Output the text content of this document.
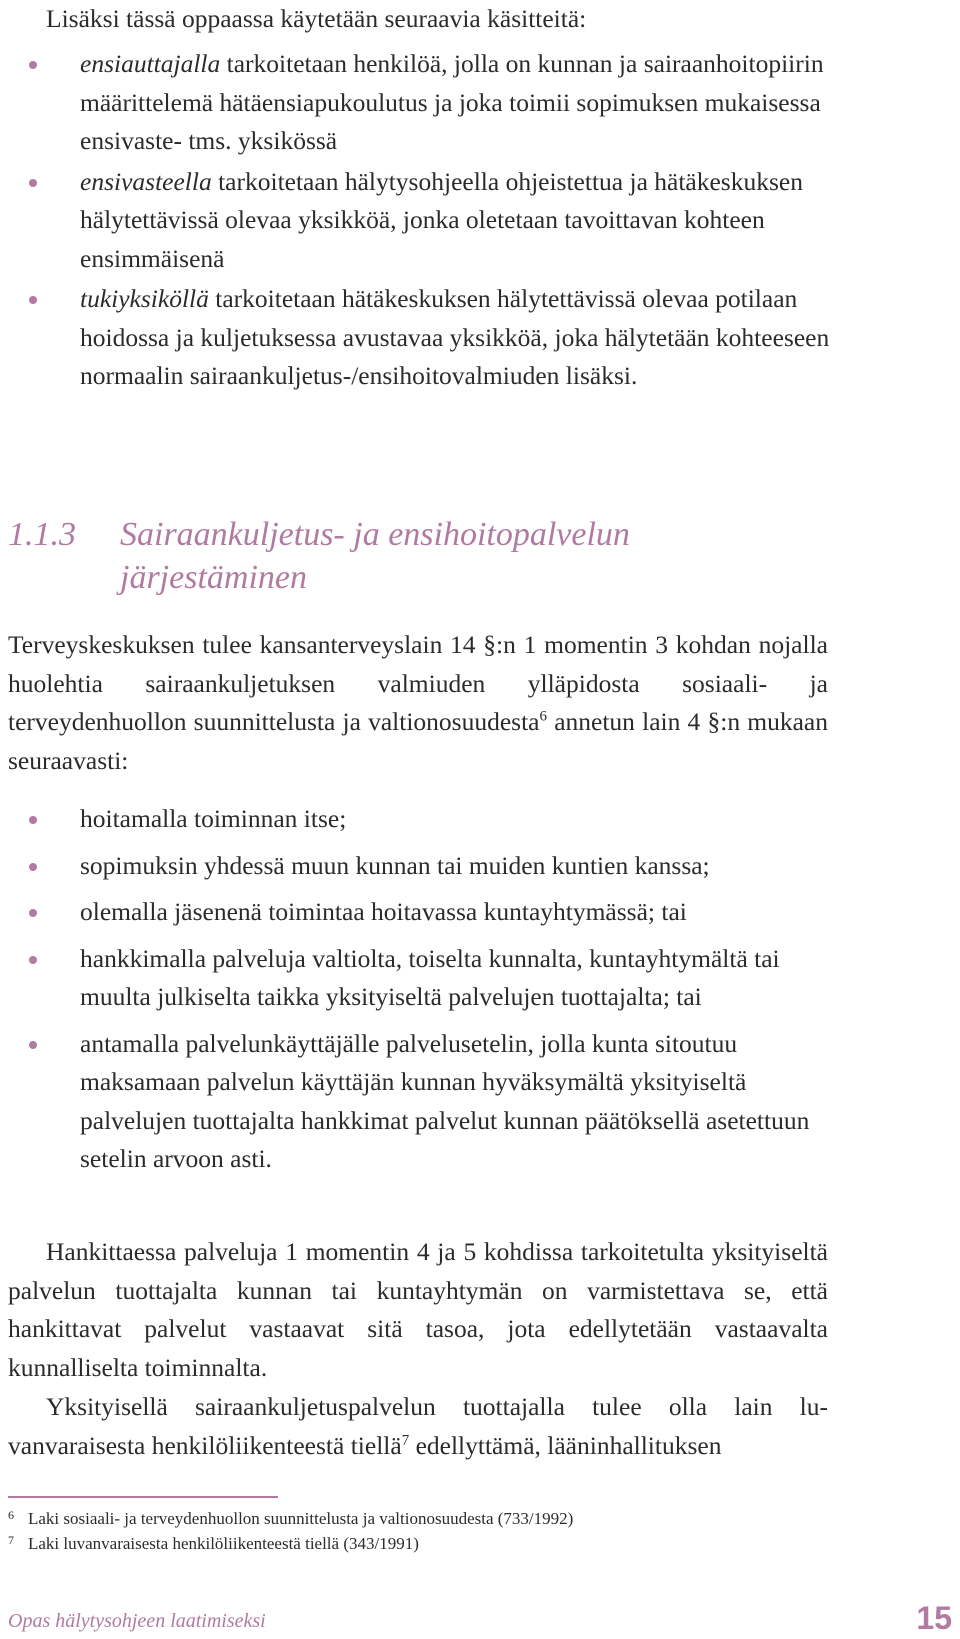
Lisäksi tässä oppaassa käytetään seuraavia käsitteitä:

ensiauttajalla tarkoitetaan henkilöä, jolla on kunnan ja sairaanhoitopiirin määrittelemä hätäensiapukoulutus ja joka toimii sopimuksen mukaisessa ensivaste- tms. yksikössä

ensivasteella tarkoitetaan hälytysohjeella ohjeistettua ja hätäkeskuksen hälytettävissä olevaa yksikköä, jonka oletetaan tavoittavan kohteen ensimmäisenä

tukiyksiköllä tarkoitetaan hätäkeskuksen hälytettävissä olevaa potilaan hoidossa ja kuljetuksessa avustavaa yksikköä, joka hälytetään kohteeseen normaalin sairaankuljetus-/ensihoitovalmiuden lisäksi.

1.1.3 Sairaankuljetus- ja ensihoitopalvelun järjestäminen

Terveyskeskuksen tulee kansanterveyslain 14 §:n 1 momentin 3 kohdan nojalla huolehtia sairaankuljetuksen valmiuden ylläpidosta sosiaali- ja terveydenhuollon suunnittelusta ja valtionosuudesta$^6$ annetun lain 4 §:n mukaan seuraavasti:

hoitamalla toiminnan itse;

sopimuksin yhdessä muun kunnan tai muiden kuntien kanssa;

olemalla jäsenenä toimintaa hoitavassa kuntayhtymässä; tai

hankkimalla palveluja valtiolta, toiselta kunnalta, kuntayhtymältä tai muulta julkiselta taikka yksityiseltä palvelujen tuottajalta; tai

antamalla palvelunkäyttäjälle palvelusetelin, jolla kunta sitoutuu maksamaan palvelun käyttäjän kunnan hyväksymältä yksityiseltä palvelujen tuottajalta hankkimat palvelut kunnan päätöksellä asetettuun setelin arvoon asti.

Hankittaessa palveluja 1 momentin 4 ja 5 kohdissa tarkoitetulta yksityiseltä palvelun tuottajalta kunnan tai kuntayhtymän on varmistettava se, että hankittavat palvelut vastaavat sitä tasoa, jota edellytetään vastaavalta kunnalliselta toiminnalta.

Yksityisellä sairaankuljetuspalvelun tuottajalla tulee olla lain luvanvaraisesta henkilöliikenteestä tiellä$^7$ edellyttämä, lääninhallituksen

6 Laki sosiaali- ja terveydenhuollon suunnittelusta ja valtionosuudesta (733/1992)
7 Laki luvanvaraisesta henkilöliikenteestä tiellä (343/1991)
Opas hälytysohjeen laatimiseksi	15
